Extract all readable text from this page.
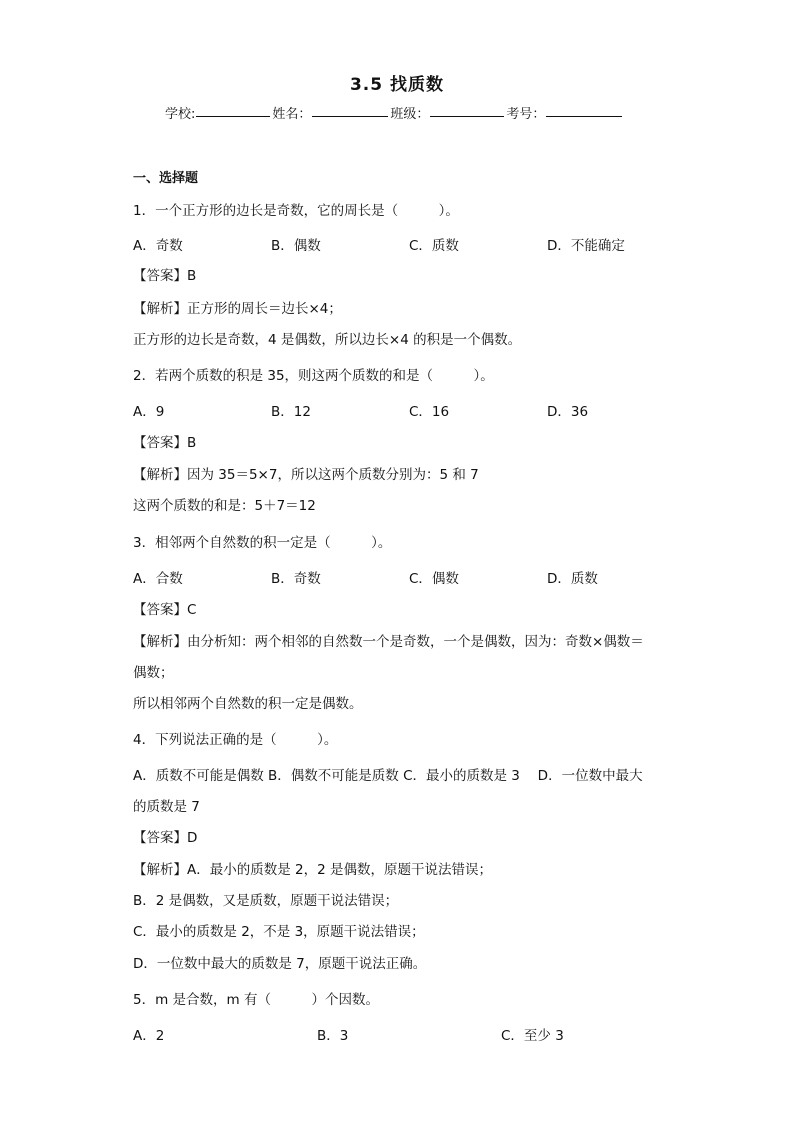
3.5 找质数
学校:	姓名：	班级：	考号：
一、选择题
1．一个正方形的边长是奇数，它的周长是（　　　）。
A．奇数	B．偶数	C．质数	D．不能确定
【答案】B
【解析】正方形的周长＝边长×4；
正方形的边长是奇数，4 是偶数，所以边长×4 的积是一个偶数。
2．若两个质数的积是 35，则这两个质数的和是（　　　）。
A．9	B．12	C．16	D．36
【答案】B
【解析】因为 35＝5×7，所以这两个质数分别为：5 和 7
这两个质数的和是：5＋7＝12
3．相邻两个自然数的积一定是（　　　）。
A．合数	B．奇数	C．偶数	D．质数
【答案】C
【解析】由分析知：两个相邻的自然数一个是奇数，一个是偶数，因为：奇数×偶数＝
偶数；
所以相邻两个自然数的积一定是偶数。
4．下列说法正确的是（　　　）。
A．质数不可能是偶数 B．偶数不可能是质数 C．最小的质数是 3　 D．一位数中最大
的质数是 7
【答案】D
【解析】A．最小的质数是 2，2 是偶数，原题干说法错误；
B．2 是偶数，又是质数，原题干说法错误；
C．最小的质数是 2，不是 3，原题干说法错误；
D．一位数中最大的质数是 7，原题干说法正确。
5．m 是合数，m 有（　　　）个因数。
A．2	B．3	C．至少 3
